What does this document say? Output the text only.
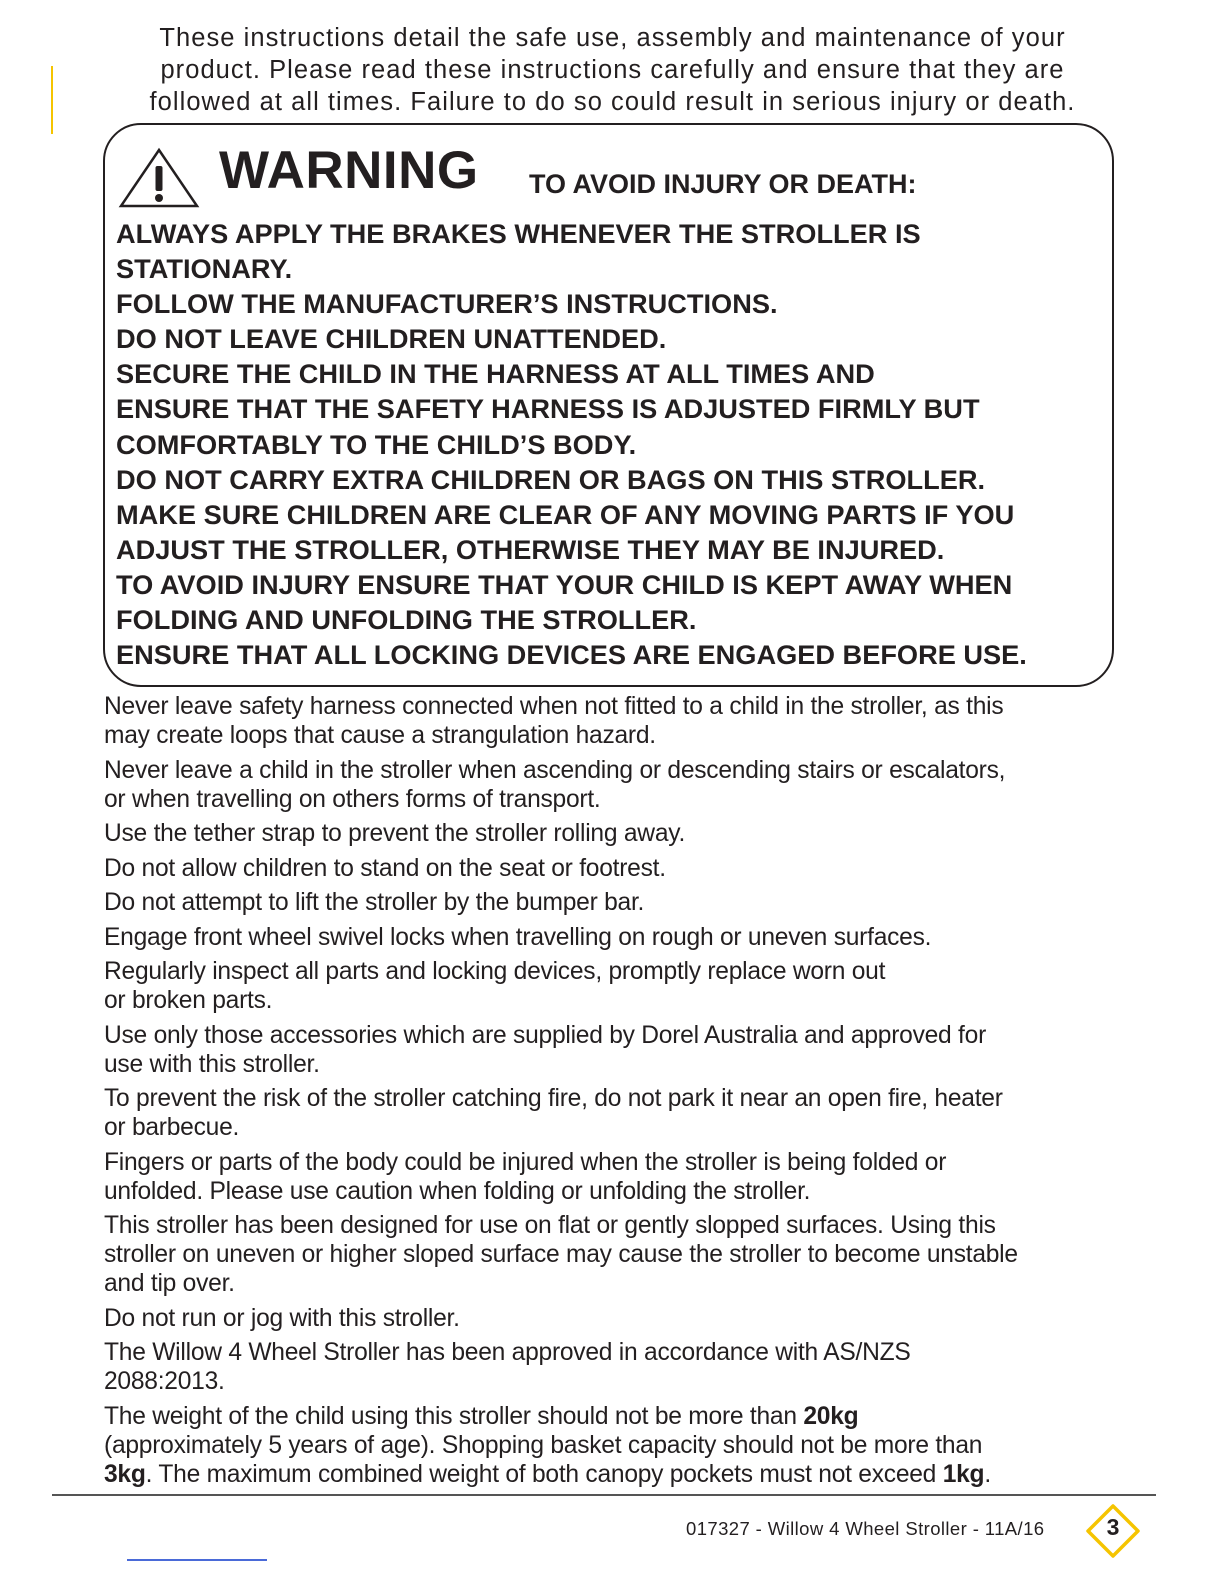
These instructions detail the safe use, assembly and maintenance of your
product. Please read these instructions carefully and ensure that they are
followed at all times. Failure to do so could result in serious injury or death.
WARNING TO AVOID INJURY OR DEATH:
ALWAYS APPLY THE BRAKES WHENEVER THE STROLLER IS
STATIONARY.
FOLLOW THE MANUFACTURER’S INSTRUCTIONS.
DO NOT LEAVE CHILDREN UNATTENDED.
SECURE THE CHILD IN THE HARNESS AT ALL TIMES AND
ENSURE THAT THE SAFETY HARNESS IS ADJUSTED FIRMLY BUT
COMFORTABLY TO THE CHILD’S BODY.
DO NOT CARRY EXTRA CHILDREN OR BAGS ON THIS STROLLER.
MAKE SURE CHILDREN ARE CLEAR OF ANY MOVING PARTS IF YOU
ADJUST THE STROLLER, OTHERWISE THEY MAY BE INJURED.
TO AVOID INJURY ENSURE THAT YOUR CHILD IS KEPT AWAY WHEN
FOLDING AND UNFOLDING THE STROLLER.
ENSURE THAT ALL LOCKING DEVICES ARE ENGAGED BEFORE USE.
Never leave safety harness connected when not fitted to a child in the stroller, as this
may create loops that cause a strangulation hazard.
Never leave a child in the stroller when ascending or descending stairs or escalators,
or when travelling on others forms of transport.
Use the tether strap to prevent the stroller rolling away.
Do not allow children to stand on the seat or footrest.
Do not attempt to lift the stroller by the bumper bar.
Engage front wheel swivel locks when travelling on rough or uneven surfaces.
Regularly inspect all parts and locking devices, promptly replace worn out
or broken parts.
Use only those accessories which are supplied by Dorel Australia and approved for
use with this stroller.
To prevent the risk of the stroller catching fire, do not park it near an open fire, heater
or barbecue.
Fingers or parts of the body could be injured when the stroller is being folded or
unfolded. Please use caution when folding or unfolding the stroller.
This stroller has been designed for use on flat or gently slopped surfaces. Using this
stroller on uneven or higher sloped surface may cause the stroller to become unstable
and tip over.
Do not run or jog with this stroller.
The Willow 4 Wheel Stroller has been approved in accordance with AS/NZS
2088:2013.
The weight of the child using this stroller should not be more than 20kg
(approximately 5 years of age). Shopping basket capacity should not be more than
3kg. The maximum combined weight of both canopy pockets must not exceed 1kg.
017327 - Willow 4 Wheel Stroller - 11A/16	3
